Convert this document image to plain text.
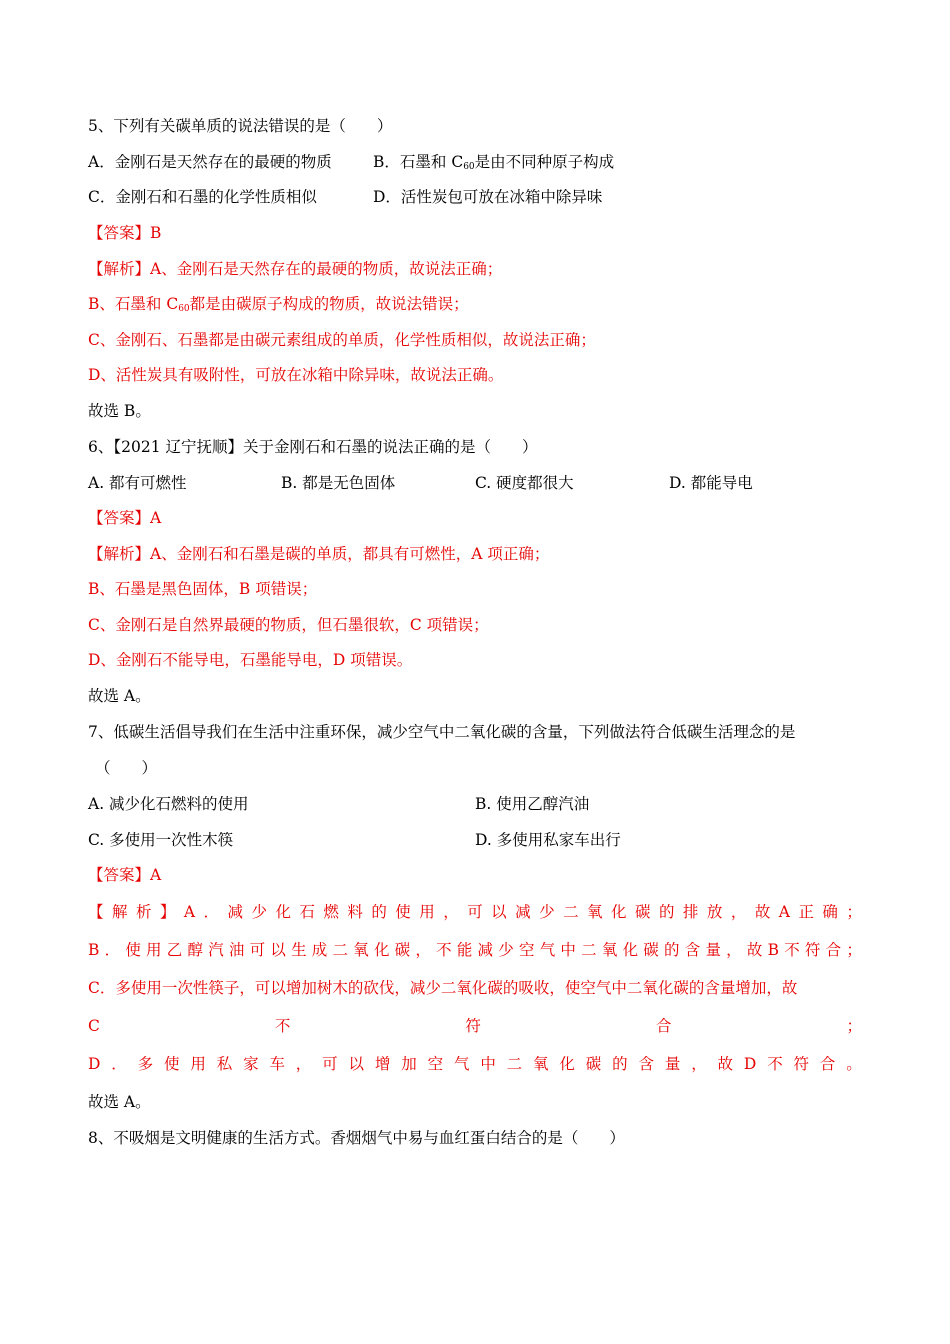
5、下列有关碳单质的说法错误的是（　　）
A．金刚石是天然存在的最硬的物质	B．石墨和 $C_{60}$是由不同种原子构成
C．金刚石和石墨的化学性质相似	D．活性炭包可放在冰箱中除异味
【答案】B
【解析】A、金刚石是天然存在的最硬的物质，故说法正确；
B、石墨和 $C_{60}$都是由碳原子构成的物质，故说法错误；
C、金刚石、石墨都是由碳元素组成的单质，化学性质相似，故说法正确；
D、活性炭具有吸附性，可放在冰箱中除异味，故说法正确。
故选 B。
6、【2021 辽宁抚顺】关于金刚石和石墨的说法正确的是（　　）
A. 都有可燃性	B. 都是无色固体	C. 硬度都很大	D. 都能导电
【答案】A
【解析】A、金刚石和石墨是碳的单质，都具有可燃性，A 项正确；
B、石墨是黑色固体，B 项错误；
C、金刚石是自然界最硬的物质，但石墨很软，C 项错误；
D、金刚石不能导电，石墨能导电，D 项错误。
故选 A。
7、低碳生活倡导我们在生活中注重环保，减少空气中二氧化碳的含量，下列做法符合低碳生活理念的是
（　　）
A. 减少化石燃料的使用	B. 使用乙醇汽油
C. 多使用一次性木筷	D. 多使用私家车出行
【答案】A
【 解 析 】 A ． 减 少 化 石 燃 料 的 使 用 ， 可 以 减 少 二 氧 化 碳 的 排 放 ， 故 A 正 确 ；
B ． 使 用 乙 醇 汽 油 可 以 生 成 二 氧 化 碳 ， 不 能 减 少 空 气 中 二 氧 化 碳 的 含 量 ， 故 B 不 符 合 ；
C．多使用一次性筷子，可以增加树木的砍伐，减少二氧化碳的吸收，使空气中二氧化碳的含量增加，故
C	不	符	合	；
D ． 多 使 用 私 家 车 ， 可 以 增 加 空 气 中 二 氧 化 碳 的 含 量 ， 故 D 不 符 合 。
故选 A。
8、不吸烟是文明健康的生活方式。香烟烟气中易与血红蛋白结合的是（　　）
